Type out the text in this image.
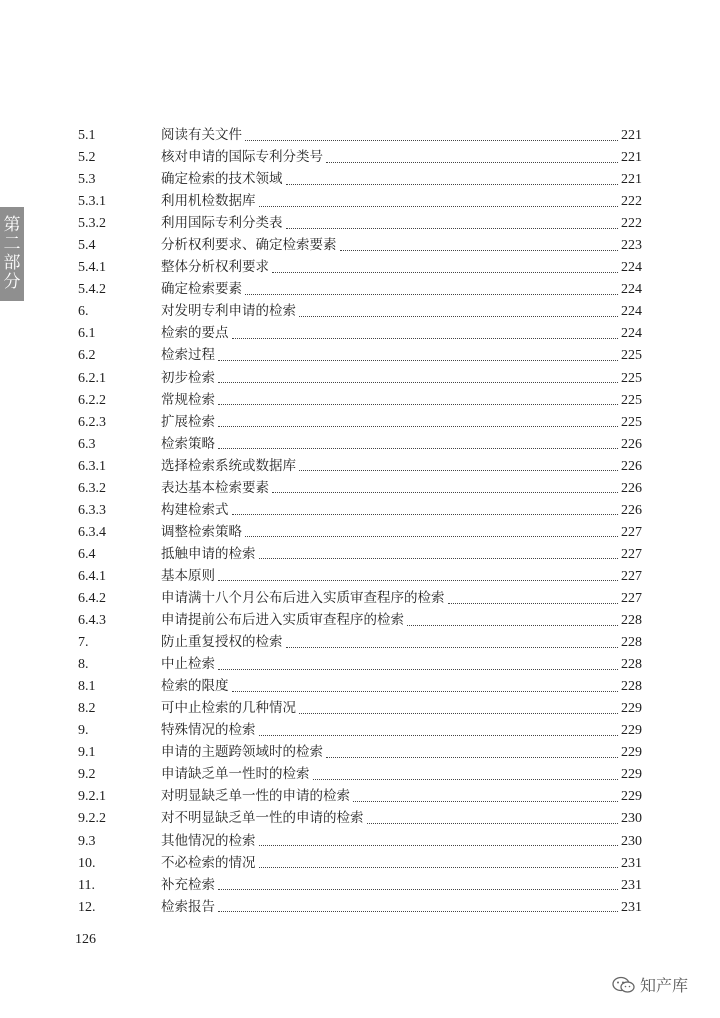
第二部分
5.1	阅读有关文件	221
5.2	核对申请的国际专利分类号	221
5.3	确定检索的技术领域	221
5.3.1	利用机检数据库	222
5.3.2	利用国际专利分类表	222
5.4	分析权利要求、确定检索要素	223
5.4.1	整体分析权利要求	224
5.4.2	确定检索要素	224
6.	对发明专利申请的检索	224
6.1	检索的要点	224
6.2	检索过程	225
6.2.1	初步检索	225
6.2.2	常规检索	225
6.2.3	扩展检索	225
6.3	检索策略	226
6.3.1	选择检索系统或数据库	226
6.3.2	表达基本检索要素	226
6.3.3	构建检索式	226
6.3.4	调整检索策略	227
6.4	抵触申请的检索	227
6.4.1	基本原则	227
6.4.2	申请满十八个月公布后进入实质审查程序的检索	227
6.4.3	申请提前公布后进入实质审查程序的检索	228
7.	防止重复授权的检索	228
8.	中止检索	228
8.1	检索的限度	228
8.2	可中止检索的几种情况	229
9.	特殊情况的检索	229
9.1	申请的主题跨领域时的检索	229
9.2	申请缺乏单一性时的检索	229
9.2.1	对明显缺乏单一性的申请的检索	229
9.2.2	对不明显缺乏单一性的申请的检索	230
9.3	其他情况的检索	230
10.	不必检索的情况	231
11.	补充检索	231
12.	检索报告	231
126
知产库
